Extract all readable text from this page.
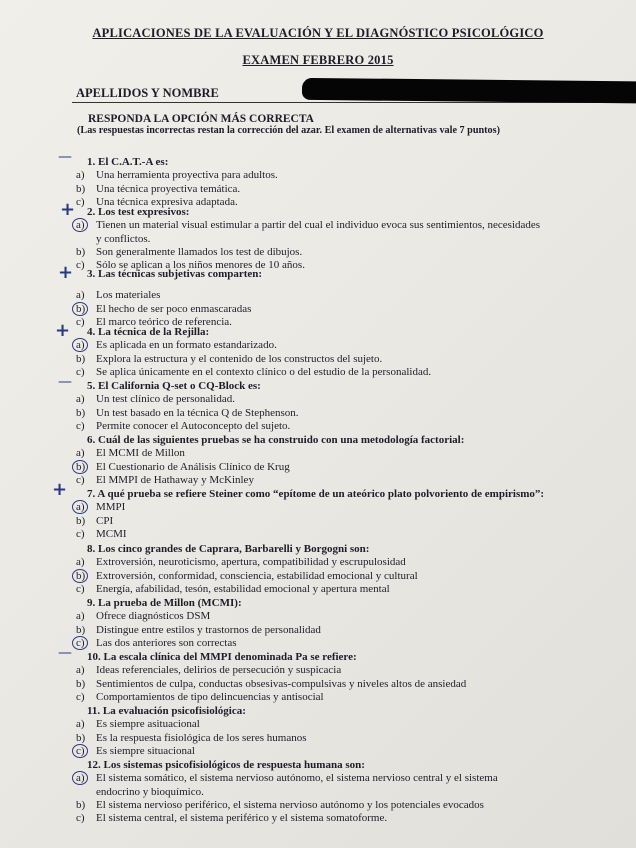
APLICACIONES DE LA EVALUACIÓN Y EL DIAGNÓSTICO PSICOLÓGICO
EXAMEN FEBRERO 2015
APELLIDOS Y NOMBRE
RESPONDA LA OPCIÓN MÁS CORRECTA
(Las respuestas incorrectas restan la corrección del azar. El examen de alternativas vale 7 puntos)
1. El C.A.T.-A es:
a) Una herramienta proyectiva para adultos.
b) Una técnica proyectiva temática.
c) Una técnica expresiva adaptada.
2. Los test expresivos:
a) Tienen un material visual estimular a partir del cual el individuo evoca sus sentimientos, necesidades
y conflictos.
b) Son generalmente llamados los test de dibujos.
c) Sólo se aplican a los niños menores de 10 años.
3. Las técnicas subjetivas comparten:
a) Los materiales
b) El hecho de ser poco enmascaradas
c) El marco teórico de referencia.
4. La técnica de la Rejilla:
a) Es aplicada en un formato estandarizado.
b) Explora la estructura y el contenido de los constructos del sujeto.
c) Se aplica únicamente en el contexto clínico o del estudio de la personalidad.
5. El California Q-set o CQ-Block es:
a) Un test clínico de personalidad.
b) Un test basado en la técnica Q de Stephenson.
c) Permite conocer el Autoconcepto del sujeto.
6. Cuál de las siguientes pruebas se ha construido con una metodología factorial:
a) El MCMI de Millon
b) El Cuestionario de Análisis Clínico de Krug
c) El MMPI de Hathaway y McKinley
7. A qué prueba se refiere Steiner como “epítome de un ateórico plato polvoriento de empirismo”:
a) MMPI
b) CPI
c) MCMI
8. Los cinco grandes de Caprara, Barbarelli y Borgogni son:
a) Extroversión, neuroticismo, apertura, compatibilidad y escrupulosidad
b) Extroversión, conformidad, consciencia, estabilidad emocional y cultural
c) Energía, afabilidad, tesón, estabilidad emocional y apertura mental
9. La prueba de Millon (MCMI):
a) Ofrece diagnósticos DSM
b) Distingue entre estilos y trastornos de personalidad
c) Las dos anteriores son correctas
10. La escala clínica del MMPI denominada Pa se refiere:
a) Ideas referenciales, delirios de persecución y suspicacia
b) Sentimientos de culpa, conductas obsesivas-compulsivas y niveles altos de ansiedad
c) Comportamientos de tipo delincuencias y antisocial
11. La evaluación psicofisiológica:
a) Es siempre asituacional
b) Es la respuesta fisiológica de los seres humanos
c) Es siempre situacional
12. Los sistemas psicofisiológicos de respuesta humana son:
a) El sistema somático, el sistema nervioso autónomo, el sistema nervioso central y el sistema
endocrino y bioquímico.
b) El sistema nervioso periférico, el sistema nervioso autónomo y los potenciales evocados
c) El sistema central, el sistema periférico y el sistema somatoforme.
—
+
+
+
—
+
—
